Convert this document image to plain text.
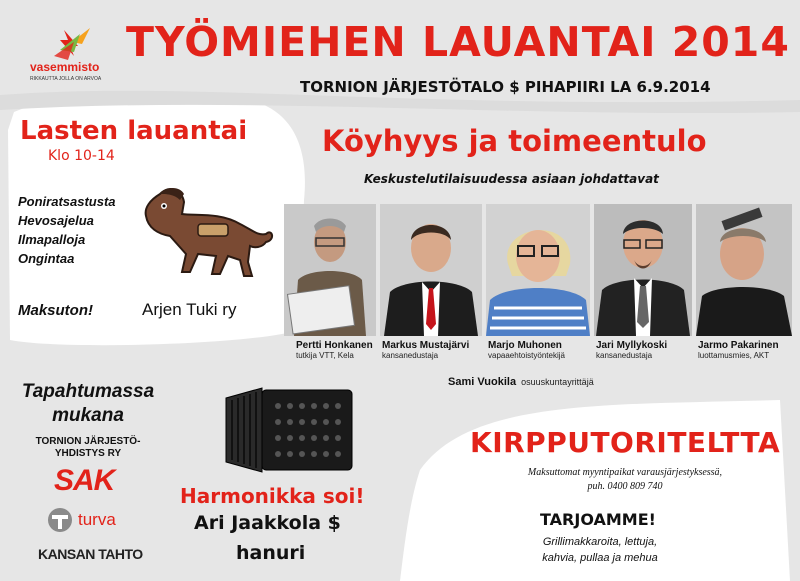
vasemmisto
RIKKAUTTA JOLLA ON ARVOA
TYÖMIEHEN LAUANTAI 2014
TORNION JÄRJESTÖTALO $ PIHAPIIRI LA 6.9.2014
Lasten lauantai
Klo 10-14
Poniratsastusta
Hevosajelua
Ilmapalloja
Ongintaa
Maksuton!	Arjen Tuki ry
Köyhyys ja toimeentulo
Keskustelutilaisuudessa asiaan johdattavat
Pertti Honkanen
tutkija VTT, Kela
Markus Mustajärvi
kansanedustaja
Marjo Muhonen
vapaaehtoistyöntekijä
Jari Myllykoski
kansanedustaja
Jarmo Pakarinen
luottamusmies, AKT
Sami Vuokila osuuskuntayrittäjä
Tapahtumassa
mukana
TORNION JÄRJESTÖ-
YHDISTYS RY
SAK
turva
KANSAN TAHTO
Harmonikka soi!
Ari Jaakkola $
hanuri
KIRPPUTORITELTTA
Maksuttomat myyntipaikat varausjärjestyksessä,
puh. 0400 809 740
TARJOAMME!
Grillimakkaroita, lettuja,
kahvia, pullaa ja mehua
